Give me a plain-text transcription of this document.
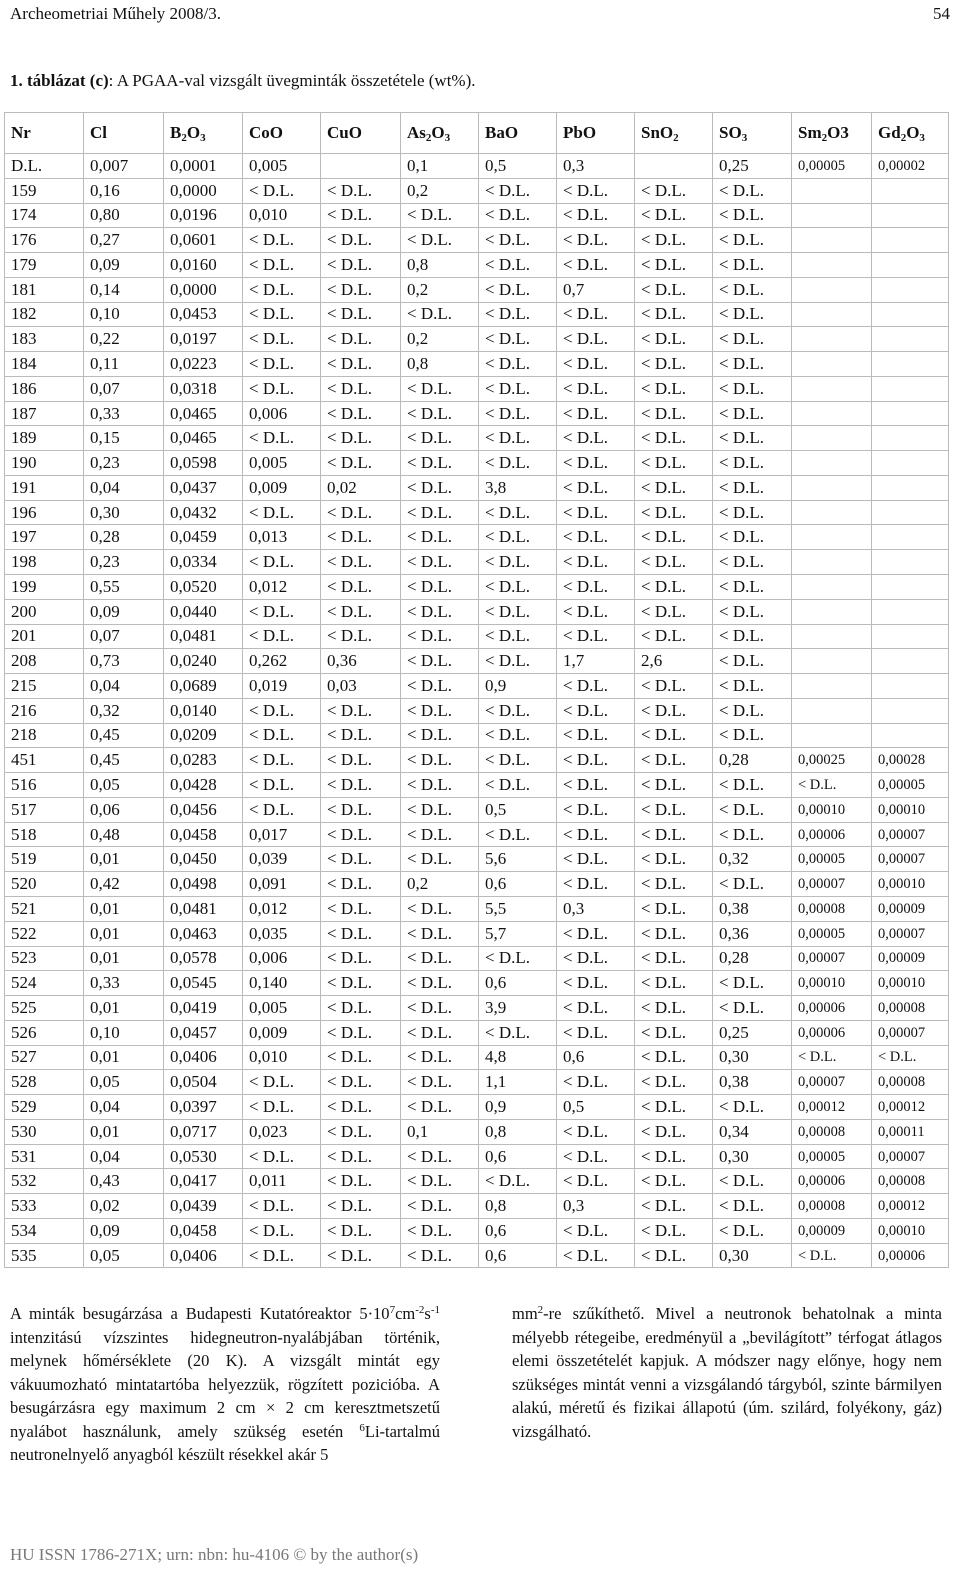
Archeometriai Műhely 2008/3.	54
1. táblázat (c): A PGAA-val vizsgált üvegminták összetétele (wt%).
Nr	Cl	$B_2O_3$	CoO	CuO	$As_2O_3$	BaO	PbO	SnO$_2$	$SO_3$	$Sm_2O3$	$Gd_2O_3$
D.L.	0,007	0,0001	0,005		0,1	0,5	0,3		0,25	0,00005	0,00002
159	0,16	0,0000	< D.L.	< D.L.	0,2	< D.L.	< D.L.	< D.L.	< D.L.		
174	0,80	0,0196	0,010	< D.L.	< D.L.	< D.L.	< D.L.	< D.L.	< D.L.		
176	0,27	0,0601	< D.L.	< D.L.	< D.L.	< D.L.	< D.L.	< D.L.	< D.L.		
179	0,09	0,0160	< D.L.	< D.L.	0,8	< D.L.	< D.L.	< D.L.	< D.L.		
181	0,14	0,0000	< D.L.	< D.L.	0,2	< D.L.	0,7	< D.L.	< D.L.		
182	0,10	0,0453	< D.L.	< D.L.	< D.L.	< D.L.	< D.L.	< D.L.	< D.L.		
183	0,22	0,0197	< D.L.	< D.L.	0,2	< D.L.	< D.L.	< D.L.	< D.L.		
184	0,11	0,0223	< D.L.	< D.L.	0,8	< D.L.	< D.L.	< D.L.	< D.L.		
186	0,07	0,0318	< D.L.	< D.L.	< D.L.	< D.L.	< D.L.	< D.L.	< D.L.		
187	0,33	0,0465	0,006	< D.L.	< D.L.	< D.L.	< D.L.	< D.L.	< D.L.		
189	0,15	0,0465	< D.L.	< D.L.	< D.L.	< D.L.	< D.L.	< D.L.	< D.L.		
190	0,23	0,0598	0,005	< D.L.	< D.L.	< D.L.	< D.L.	< D.L.	< D.L.		
191	0,04	0,0437	0,009	0,02	< D.L.	3,8	< D.L.	< D.L.	< D.L.		
196	0,30	0,0432	< D.L.	< D.L.	< D.L.	< D.L.	< D.L.	< D.L.	< D.L.		
197	0,28	0,0459	0,013	< D.L.	< D.L.	< D.L.	< D.L.	< D.L.	< D.L.		
198	0,23	0,0334	< D.L.	< D.L.	< D.L.	< D.L.	< D.L.	< D.L.	< D.L.		
199	0,55	0,0520	0,012	< D.L.	< D.L.	< D.L.	< D.L.	< D.L.	< D.L.		
200	0,09	0,0440	< D.L.	< D.L.	< D.L.	< D.L.	< D.L.	< D.L.	< D.L.		
201	0,07	0,0481	< D.L.	< D.L.	< D.L.	< D.L.	< D.L.	< D.L.	< D.L.		
208	0,73	0,0240	0,262	0,36	< D.L.	< D.L.	1,7	2,6	< D.L.		
215	0,04	0,0689	0,019	0,03	< D.L.	0,9	< D.L.	< D.L.	< D.L.		
216	0,32	0,0140	< D.L.	< D.L.	< D.L.	< D.L.	< D.L.	< D.L.	< D.L.		
218	0,45	0,0209	< D.L.	< D.L.	< D.L.	< D.L.	< D.L.	< D.L.	< D.L.		
451	0,45	0,0283	< D.L.	< D.L.	< D.L.	< D.L.	< D.L.	< D.L.	0,28	0,00025	0,00028
516	0,05	0,0428	< D.L.	< D.L.	< D.L.	< D.L.	< D.L.	< D.L.	< D.L.	< D.L.	0,00005
517	0,06	0,0456	< D.L.	< D.L.	< D.L.	0,5	< D.L.	< D.L.	< D.L.	0,00010	0,00010
518	0,48	0,0458	0,017	< D.L.	< D.L.	< D.L.	< D.L.	< D.L.	< D.L.	0,00006	0,00007
519	0,01	0,0450	0,039	< D.L.	< D.L.	5,6	< D.L.	< D.L.	0,32	0,00005	0,00007
520	0,42	0,0498	0,091	< D.L.	0,2	0,6	< D.L.	< D.L.	< D.L.	0,00007	0,00010
521	0,01	0,0481	0,012	< D.L.	< D.L.	5,5	0,3	< D.L.	0,38	0,00008	0,00009
522	0,01	0,0463	0,035	< D.L.	< D.L.	5,7	< D.L.	< D.L.	0,36	0,00005	0,00007
523	0,01	0,0578	0,006	< D.L.	< D.L.	< D.L.	< D.L.	< D.L.	0,28	0,00007	0,00009
524	0,33	0,0545	0,140	< D.L.	< D.L.	0,6	< D.L.	< D.L.	< D.L.	0,00010	0,00010
525	0,01	0,0419	0,005	< D.L.	< D.L.	3,9	< D.L.	< D.L.	< D.L.	0,00006	0,00008
526	0,10	0,0457	0,009	< D.L.	< D.L.	< D.L.	< D.L.	< D.L.	0,25	0,00006	0,00007
527	0,01	0,0406	0,010	< D.L.	< D.L.	4,8	0,6	< D.L.	0,30	< D.L.	< D.L.
528	0,05	0,0504	< D.L.	< D.L.	< D.L.	1,1	< D.L.	< D.L.	0,38	0,00007	0,00008
529	0,04	0,0397	< D.L.	< D.L.	< D.L.	0,9	0,5	< D.L.	< D.L.	0,00012	0,00012
530	0,01	0,0717	0,023	< D.L.	0,1	0,8	< D.L.	< D.L.	0,34	0,00008	0,00011
531	0,04	0,0530	< D.L.	< D.L.	< D.L.	0,6	< D.L.	< D.L.	0,30	0,00005	0,00007
532	0,43	0,0417	0,011	< D.L.	< D.L.	< D.L.	< D.L.	< D.L.	< D.L.	0,00006	0,00008
533	0,02	0,0439	< D.L.	< D.L.	< D.L.	0,8	0,3	< D.L.	< D.L.	0,00008	0,00012
534	0,09	0,0458	< D.L.	< D.L.	< D.L.	0,6	< D.L.	< D.L.	< D.L.	0,00009	0,00010
535	0,05	0,0406	< D.L.	< D.L.	< D.L.	0,6	< D.L.	< D.L.	0,30	< D.L.	0,00006
A minták besugárzása a Budapesti Kutatóreaktor $5\cdot 10^7cm^{-2}s^{-1}$ intenzitású vízszintes hidegneutron-nyalábjában történik, melynek hőmérséklete (20 K). A vizsgált mintát egy vákuumozható mintatartóba helyezzük, rögzített pozicióba. A besugárzásra egy maximum 2 cm × 2 cm keresztmetszetű nyalábot használunk, amely szükség esetén $^6$Li-tartalmú neutronelnyelő anyagból készült résekkel akár 5
$mm^2-re$ szűkíthető. Mivel a neutronok behatolnak a minta mélyebb rétegeibe, eredményül a „bevilágított” térfogat átlagos elemi összetételét kapjuk. A módszer nagy előnye, hogy nem szükséges mintát venni a vizsgálandó tárgyból, szinte bármilyen alakú, méretű és fizikai állapotú (úm. szilárd, folyékony, gáz) vizsgálható.
HU ISSN 1786-271X; urn: nbn: hu-4106 © by the author(s)
